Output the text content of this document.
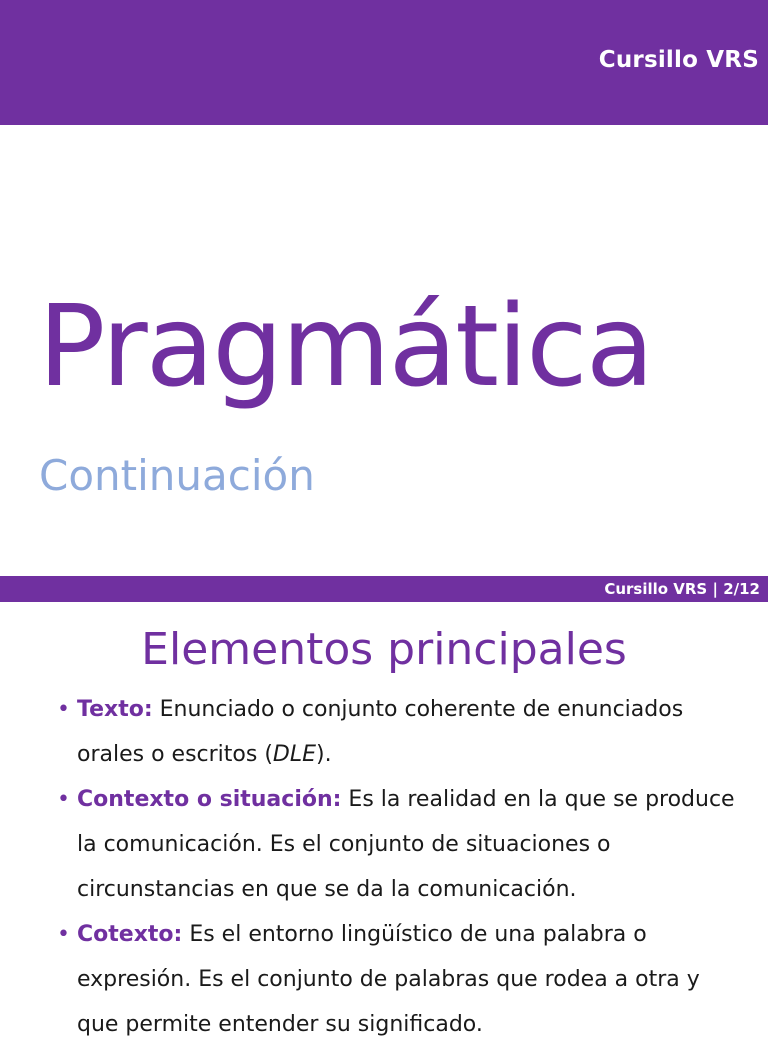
Cursillo VRS
Pragmática
Continuación
Cursillo VRS | 2/12
Elementos principales
• Texto: Enunciado o conjunto coherente de enunciados orales o escritos (DLE).
• Contexto o situación: Es la realidad en la que se produce la comunicación. Es el conjunto de situaciones o circunstancias en que se da la comunicación.
• Cotexto: Es el entorno lingüístico de una palabra o expresión. Es el conjunto de palabras que rodea a otra y que permite entender su significado.
